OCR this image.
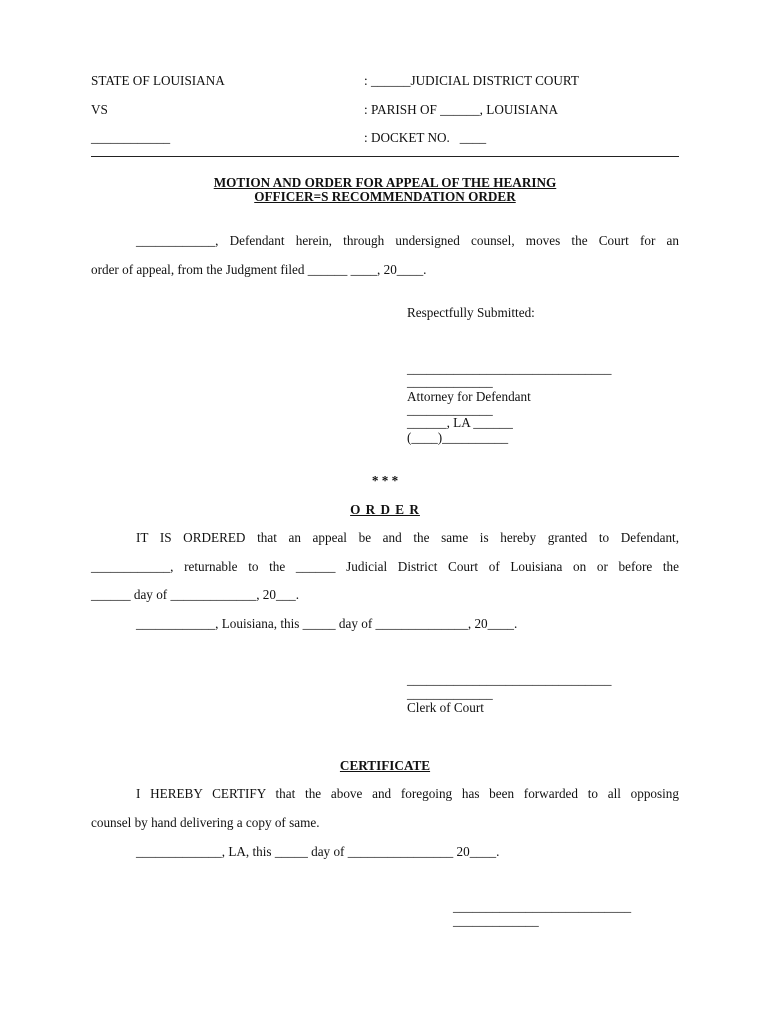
STATE OF LOUISIANA	: ______JUDICIAL DISTRICT COURT
VS	: PARISH OF ______, LOUISIANA
____________	: DOCKET NO.   ____
MOTION AND ORDER FOR APPEAL OF THE HEARING
OFFICER=S RECOMMENDATION ORDER
____________, Defendant herein, through undersigned counsel, moves the Court for an
order of appeal, from the Judgment filed ______ ____, 20____.
Respectfully Submitted:
_______________________________
_____________
Attorney for Defendant
_____________
______, LA ______
(____)__________
* * *
O R D E R
IT IS ORDERED that an appeal be and the same is hereby granted to Defendant,
____________, returnable to the ______ Judicial District Court of Louisiana on or before the
______ day of _____________, 20___.
____________, Louisiana, this _____ day of ______________, 20____.
_______________________________
_____________
Clerk of Court
CERTIFICATE
I HEREBY CERTIFY that the above and foregoing has been forwarded to all opposing
counsel by hand delivering a copy of same.
_____________, LA, this _____ day of ________________ 20____.
___________________________
_____________
